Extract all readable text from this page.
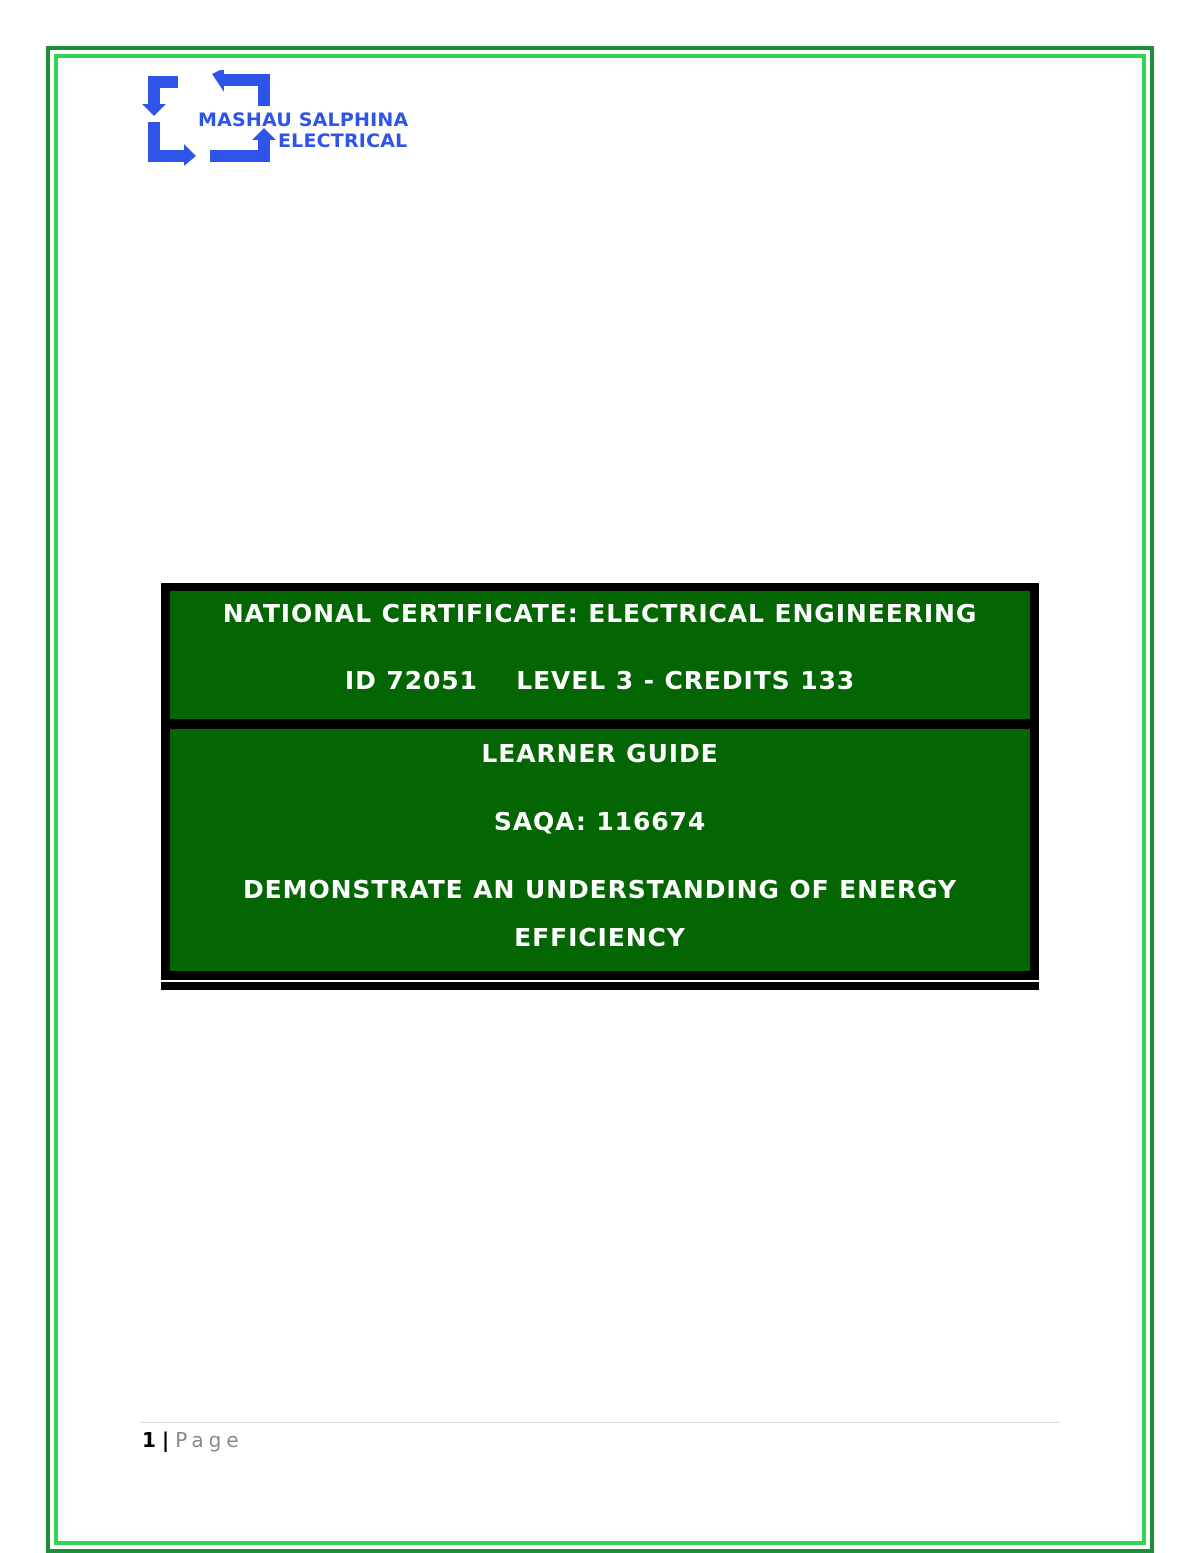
MASHAU SALPHINA
ELECTRICAL
NATIONAL CERTIFICATE: ELECTRICAL ENGINEERING
ID 72051    LEVEL 3 - CREDITS 133
LEARNER GUIDE
SAQA: 116674
DEMONSTRATE AN UNDERSTANDING OF ENERGY
EFFICIENCY
1 | Page
